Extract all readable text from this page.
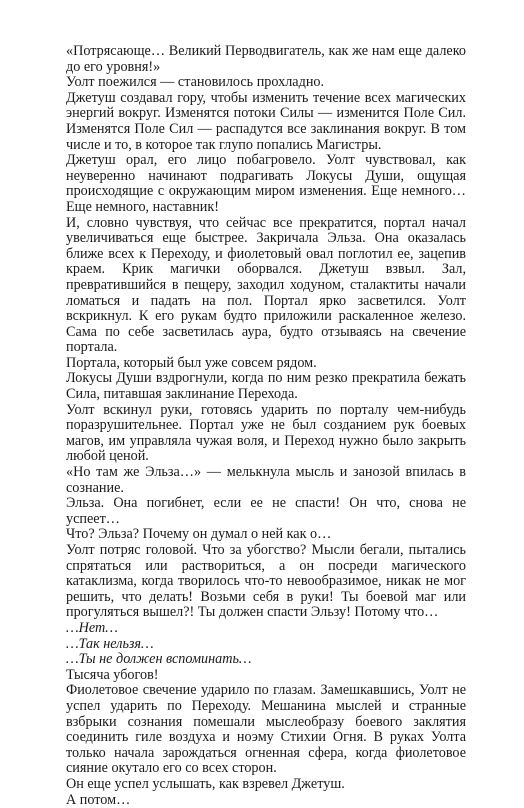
«Потрясающе… Великий Перводвигатель, как же нам еще далеко до его уровня!»

Уолт поежился — становилось прохладно.

Джетуш создавал гору, чтобы изменить течение всех магических энергий вокруг. Изменятся потоки Силы — изменится Поле Сил. Изменятся Поле Сил — распадутся все заклинания вокруг. В том числе и то, в которое так глупо попались Магистры.

Джетуш орал, его лицо побагровело. Уолт чувствовал, как неуверенно начинают подрагивать Локусы Души, ощущая происходящие с окружающим миром изменения. Еще немного… Еще немного, наставник!

И, словно чувствуя, что сейчас все прекратится, портал начал увеличиваться еще быстрее. Закричала Эльза. Она оказалась ближе всех к Переходу, и фиолетовый овал поглотил ее, зацепив краем. Крик магички оборвался. Джетуш взвыл. Зал, превратившийся в пещеру, заходил ходуном, сталактиты начали ломаться и падать на пол. Портал ярко засветился. Уолт вскрикнул. К его рукам будто приложили раскаленное железо. Сама по себе засветилась аура, будто отзываясь на свечение портала.

Портала, который был уже совсем рядом.

Локусы Души вздрогнули, когда по ним резко прекратила бежать Сила, питавшая заклинание Перехода.

Уолт вскинул руки, готовясь ударить по порталу чем-нибудь поразрушительнее. Портал уже не был созданием рук боевых магов, им управляла чужая воля, и Переход нужно было закрыть любой ценой.

«Но там же Эльза…» — мелькнула мысль и занозой впилась в сознание.

Эльза. Она погибнет, если ее не спасти! Он что, снова не успеет…

Что? Эльза? Почему он думал о ней как о…

Уолт потряс головой. Что за убогство? Мысли бегали, пытались спрятаться или раствориться, а он посреди магического катаклизма, когда творилось что-то невообразимое, никак не мог решить, что делать! Возьми себя в руки! Ты боевой маг или прогуляться вышел?! Ты должен спасти Эльзу! Потому что…

…Нет…

…Так нельзя…

…Ты не должен вспоминать…

Тысяча убогов!

Фиолетовое свечение ударило по глазам. Замешкавшись, Уолт не успел ударить по Переходу. Мешанина мыслей и странные взбрыки сознания помешали мыслеобразу боевого заклятия соединить гиле воздуха и ноэму Стихии Огня. В руках Уолта только начала зарождаться огненная сфера, когда фиолетовое сияние окутало его со всех сторон.

Он еще успел услышать, как взревел Джетуш.

А потом…
